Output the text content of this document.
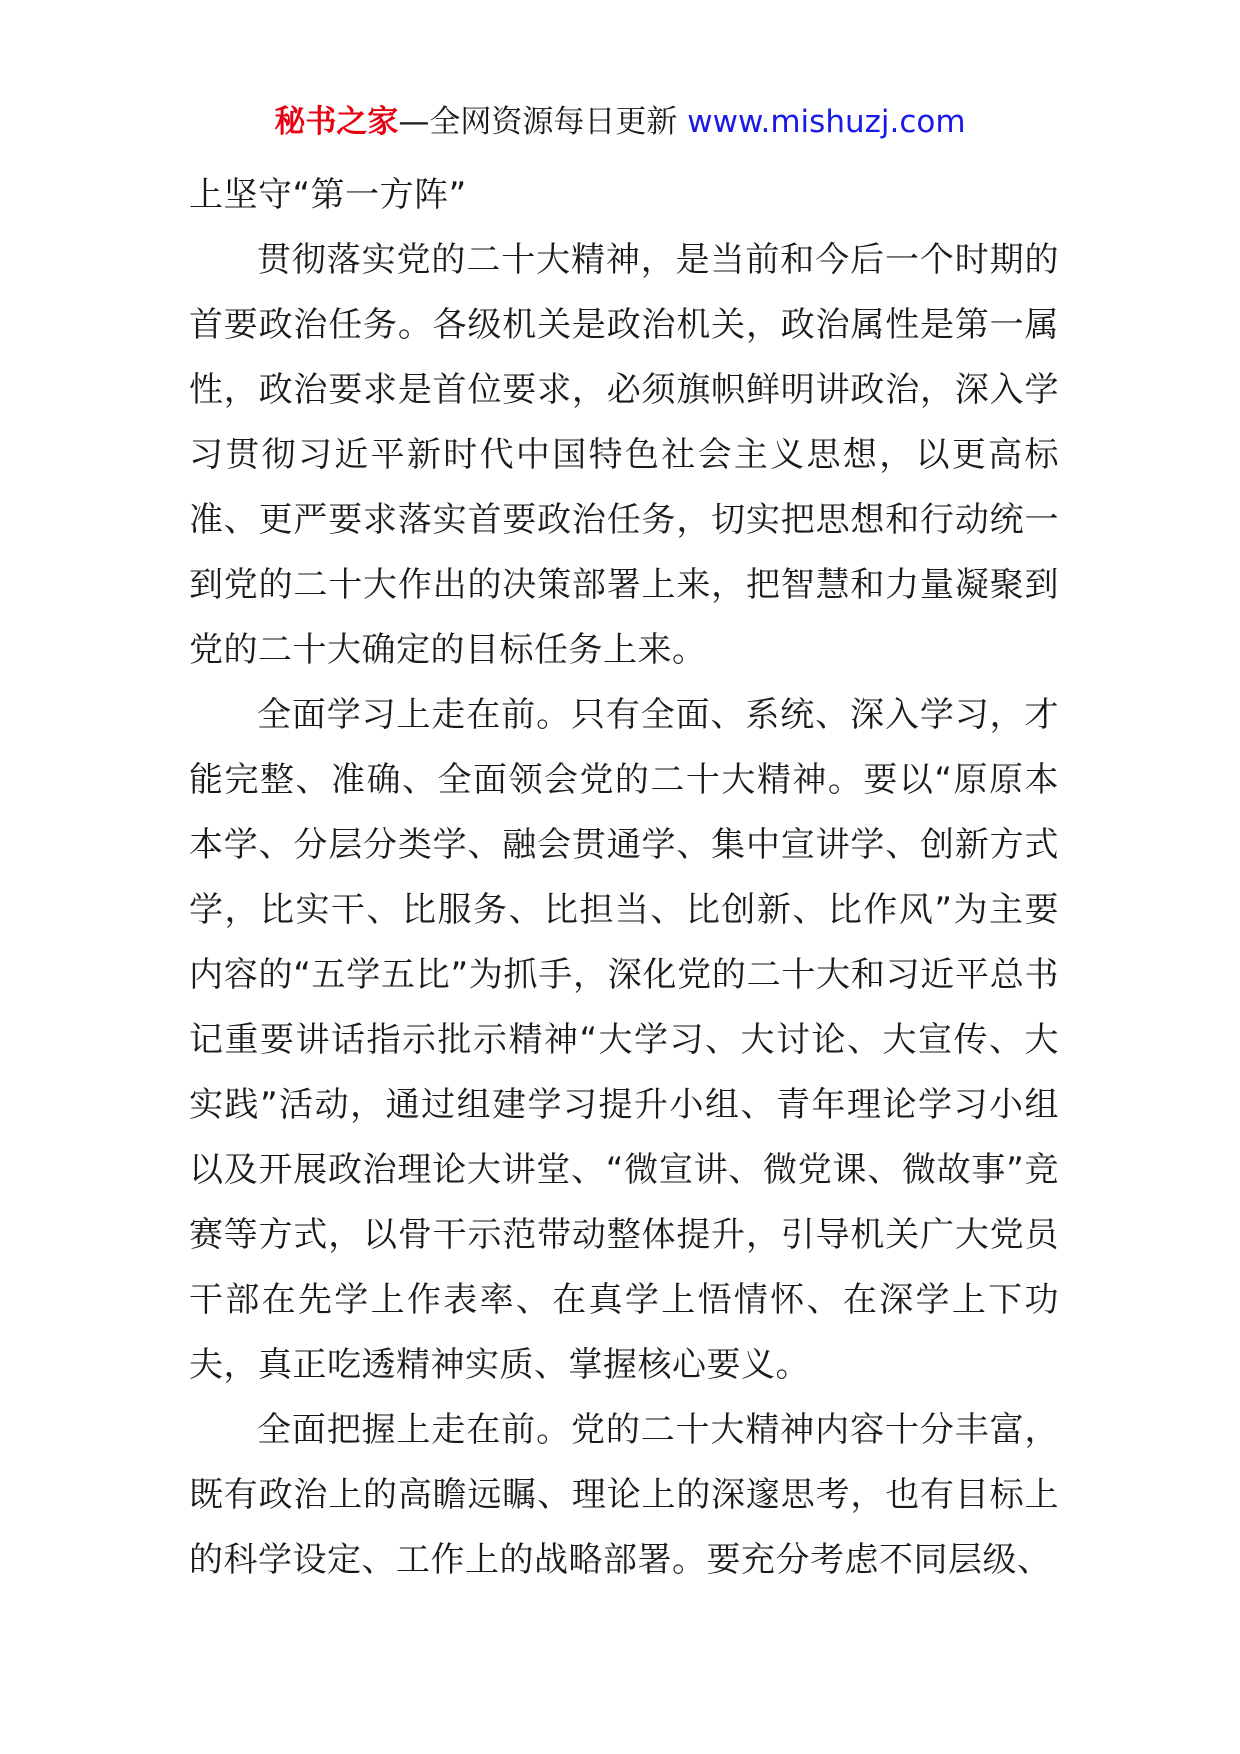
秘书之家—全网资源每日更新 www.mishuzj.com

上坚守“第一方阵”

贯彻落实党的二十大精神，是当前和今后一个时期的首要政治任务。各级机关是政治机关，政治属性是第一属性，政治要求是首位要求，必须旗帜鲜明讲政治，深入学习贯彻习近平新时代中国特色社会主义思想，以更高标准、更严要求落实首要政治任务，切实把思想和行动统一到党的二十大作出的决策部署上来，把智慧和力量凝聚到党的二十大确定的目标任务上来。

全面学习上走在前。只有全面、系统、深入学习，才能完整、准确、全面领会党的二十大精神。要以“原原本本学、分层分类学、融会贯通学、集中宣讲学、创新方式学，比实干、比服务、比担当、比创新、比作风”为主要内容的“五学五比”为抓手，深化党的二十大和习近平总书记重要讲话指示批示精神“大学习、大讨论、大宣传、大实践”活动，通过组建学习提升小组、青年理论学习小组以及开展政治理论大讲堂、“微宣讲、微党课、微故事”竞赛等方式，以骨干示范带动整体提升，引导机关广大党员干部在先学上作表率、在真学上悟情怀、在深学上下功夫，真正吃透精神实质、掌握核心要义。

全面把握上走在前。党的二十大精神内容十分丰富，既有政治上的高瞻远瞩、理论上的深邃思考，也有目标上的科学设定、工作上的战略部署。要充分考虑不同层级、
